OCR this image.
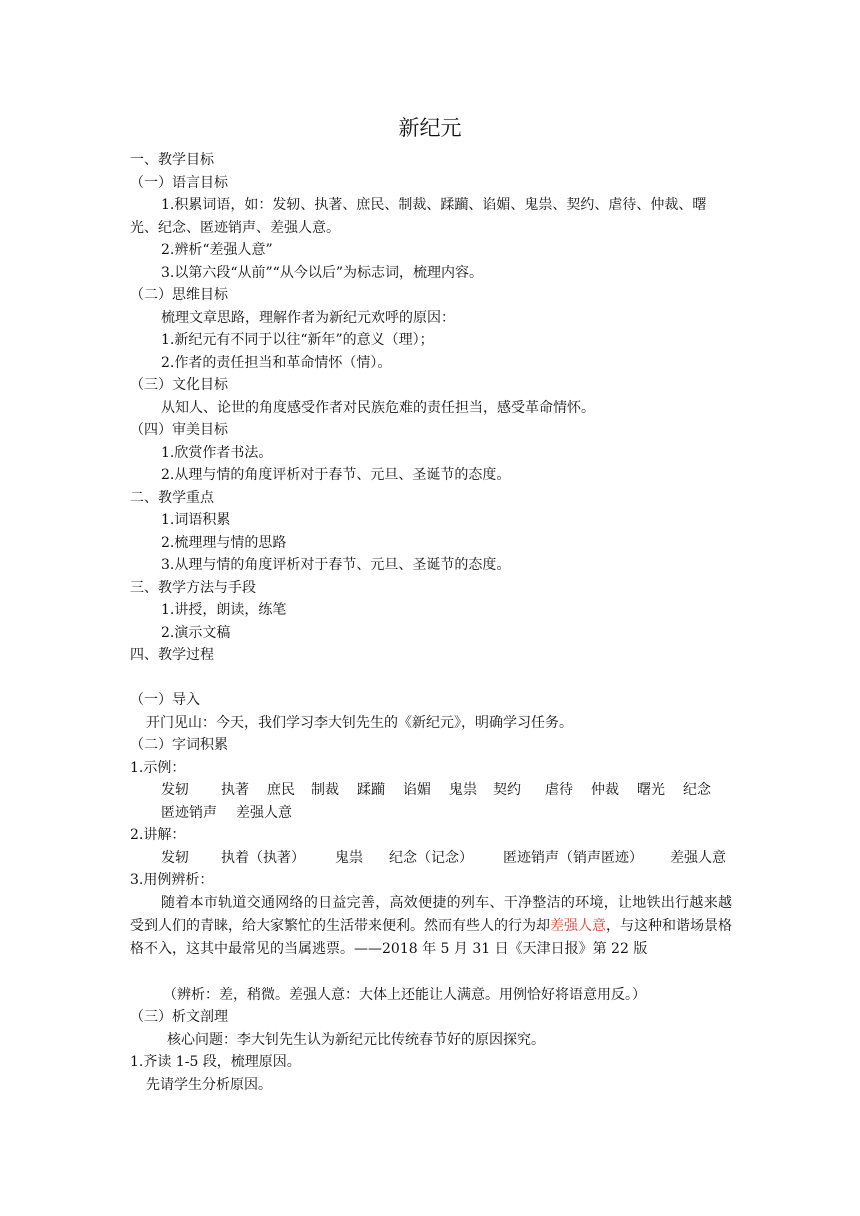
新纪元
一、教学目标
（一）语言目标
1.积累词语，如：发轫、执著、庶民、制裁、蹂躏、谄媚、鬼祟、契约、虐待、仲裁、曙光、纪念、匿迹销声、差强人意。
2.辨析“差强人意”
3.以第六段“从前”“从今以后”为标志词，梳理内容。
（二）思维目标
梳理文章思路，理解作者为新纪元欢呼的原因：
1.新纪元有不同于以往“新年”的意义（理）；
2.作者的责任担当和革命情怀（情）。
（三）文化目标
从知人、论世的角度感受作者对民族危难的责任担当，感受革命情怀。
（四）审美目标
1.欣赏作者书法。
2.从理与情的角度评析对于春节、元旦、圣诞节的态度。
二、教学重点
1.词语积累
2.梳理理与情的思路
3.从理与情的角度评析对于春节、元旦、圣诞节的态度。
三、教学方法与手段
1.讲授，朗读，练笔
2.演示文稿
四、教学过程
（一）导入
开门见山：今天，我们学习李大钊先生的《新纪元》，明确学习任务。
（二）字词积累
1.示例：
发轫 执著 庶民 制裁 蹂躏 谄媚 鬼祟 契约 虐待 仲裁 曙光 纪念
匿迹销声 差强人意
2.讲解：
发轫 执着（执著） 鬼祟 纪念（记念） 匿迹销声（销声匿迹） 差强人意
3.用例辨析：
随着本市轨道交通网络的日益完善，高效便捷的列车、干净整洁的环境，让地铁出行越来越受到人们的青睐，给大家繁忙的生活带来便利。然而有些人的行为却差强人意，与这种和谐场景格格不入，这其中最常见的当属逃票。——2018 年 5 月 31 日《天津日报》第 22 版
（辨析：差，稍微。差强人意：大体上还能让人满意。用例恰好将语意用反。）
（三）析文剖理
核心问题：李大钊先生认为新纪元比传统春节好的原因探究。
1.齐读 1-5 段，梳理原因。
先请学生分析原因。
